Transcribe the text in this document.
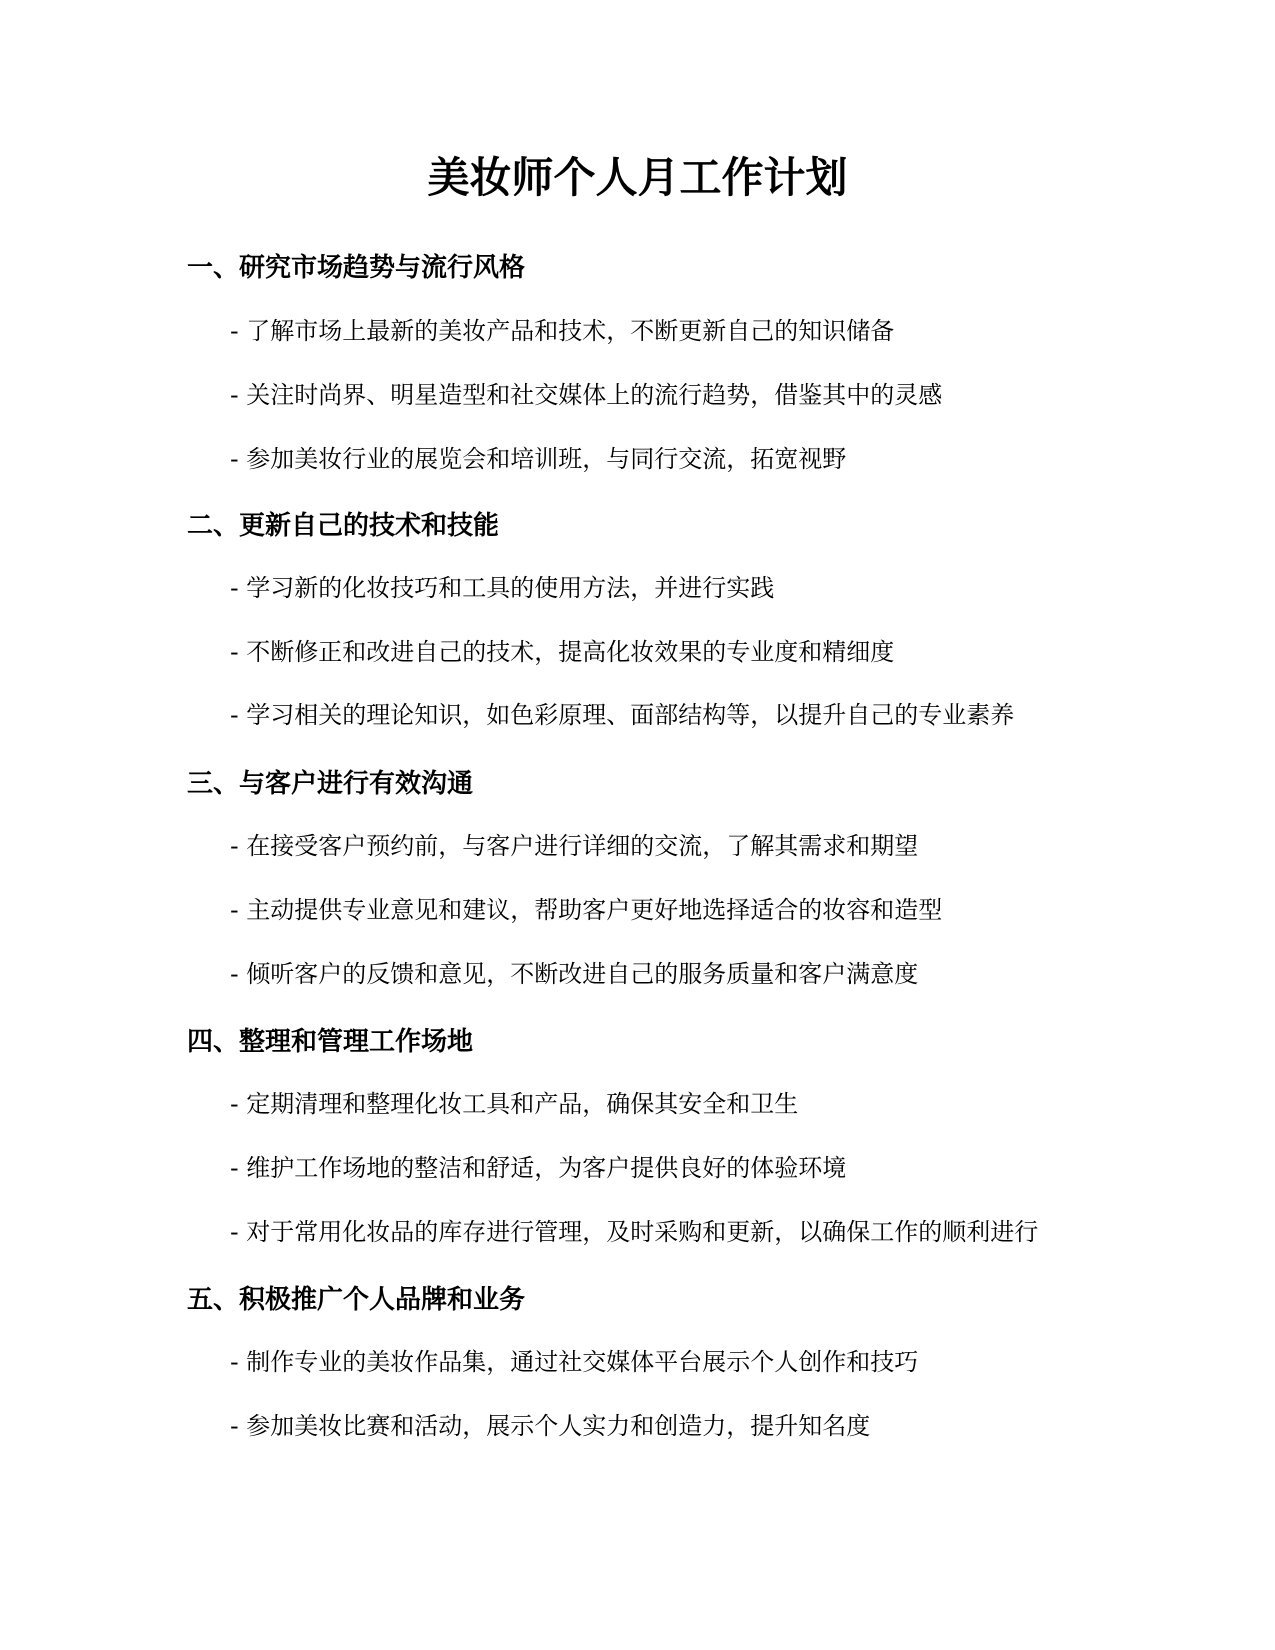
美妆师个人月工作计划
一、研究市场趋势与流行风格

- 了解市场上最新的美妆产品和技术，不断更新自己的知识储备

- 关注时尚界、明星造型和社交媒体上的流行趋势，借鉴其中的灵感

- 参加美妆行业的展览会和培训班，与同行交流，拓宽视野

二、更新自己的技术和技能

- 学习新的化妆技巧和工具的使用方法，并进行实践

- 不断修正和改进自己的技术，提高化妆效果的专业度和精细度

- 学习相关的理论知识，如色彩原理、面部结构等，以提升自己的专业素养

三、与客户进行有效沟通

- 在接受客户预约前，与客户进行详细的交流，了解其需求和期望

- 主动提供专业意见和建议，帮助客户更好地选择适合的妆容和造型

- 倾听客户的反馈和意见，不断改进自己的服务质量和客户满意度

四、整理和管理工作场地

- 定期清理和整理化妆工具和产品，确保其安全和卫生

- 维护工作场地的整洁和舒适，为客户提供良好的体验环境

- 对于常用化妆品的库存进行管理，及时采购和更新，以确保工作的顺利进行

五、积极推广个人品牌和业务

- 制作专业的美妆作品集，通过社交媒体平台展示个人创作和技巧

- 参加美妆比赛和活动，展示个人实力和创造力，提升知名度
